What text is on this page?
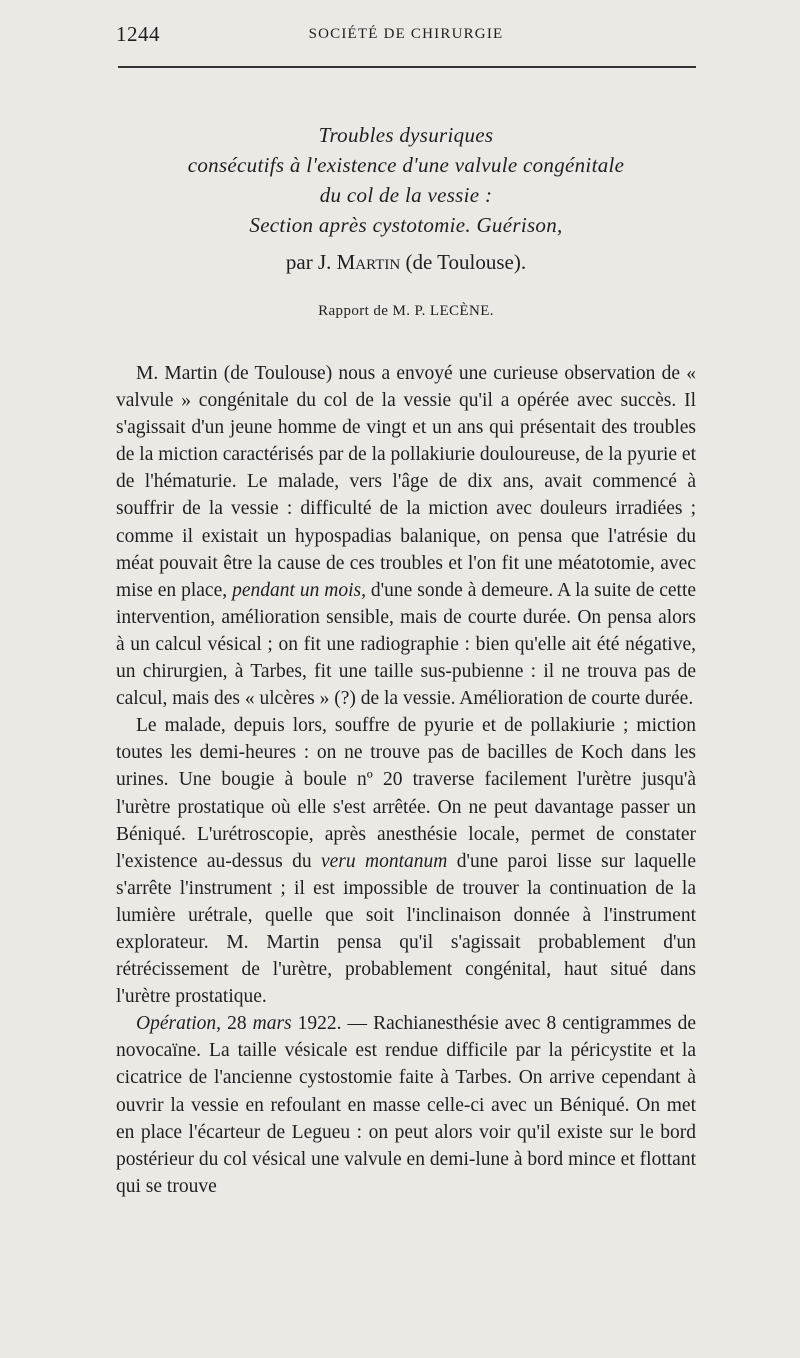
1244	SOCIÉTÉ DE CHIRURGIE
Troubles dysuriques
consécutifs à l'existence d'une valvule congénitale
du col de la vessie :
Section après cystotomie. Guérison,
par J. Martin (de Toulouse).
Rapport de M. P. LECÈNE.

M. Martin (de Toulouse) nous a envoyé une curieuse observation de « valvule » congénitale du col de la vessie qu'il a opérée avec succès. Il s'agissait d'un jeune homme de vingt et un ans qui présentait des troubles de la miction caractérisés par de la pollakiurie douloureuse, de la pyurie et de l'hématurie. Le malade, vers l'âge de dix ans, avait commencé à souffrir de la vessie : difficulté de la miction avec douleurs irradiées ; comme il existait un hypospadias balanique, on pensa que l'atrésie du méat pouvait être la cause de ces troubles et l'on fit une méatotomie, avec mise en place, pendant un mois, d'une sonde à demeure. A la suite de cette intervention, amélioration sensible, mais de courte durée. On pensa alors à un calcul vésical ; on fit une radiographie : bien qu'elle ait été négative, un chirurgien, à Tarbes, fit une taille sus-pubienne : il ne trouva pas de calcul, mais des « ulcères » (?) de la vessie. Amélioration de courte durée.

Le malade, depuis lors, souffre de pyurie et de pollakiurie ; miction toutes les demi-heures : on ne trouve pas de bacilles de Koch dans les urines. Une bougie à boule nº 20 traverse facilement l'urètre jusqu'à l'urètre prostatique où elle s'est arrêtée. On ne peut davantage passer un Béniqué. L'urétroscopie, après anesthésie locale, permet de constater l'existence au-dessus du veru montanum d'une paroi lisse sur laquelle s'arrête l'instrument ; il est impossible de trouver la continuation de la lumière urétrale, quelle que soit l'inclinaison donnée à l'instrument explorateur. M. Martin pensa qu'il s'agissait probablement d'un rétrécissement de l'urètre, probablement congénital, haut situé dans l'urètre prostatique.

Opération, 28 mars 1922. — Rachianesthésie avec 8 centigrammes de novocaïne. La taille vésicale est rendue difficile par la péricystite et la cicatrice de l'ancienne cystostomie faite à Tarbes. On arrive cependant à ouvrir la vessie en refoulant en masse celle-ci avec un Béniqué. On met en place l'écarteur de Legueu : on peut alors voir qu'il existe sur le bord postérieur du col vésical une valvule en demi-lune à bord mince et flottant qui se trouve
